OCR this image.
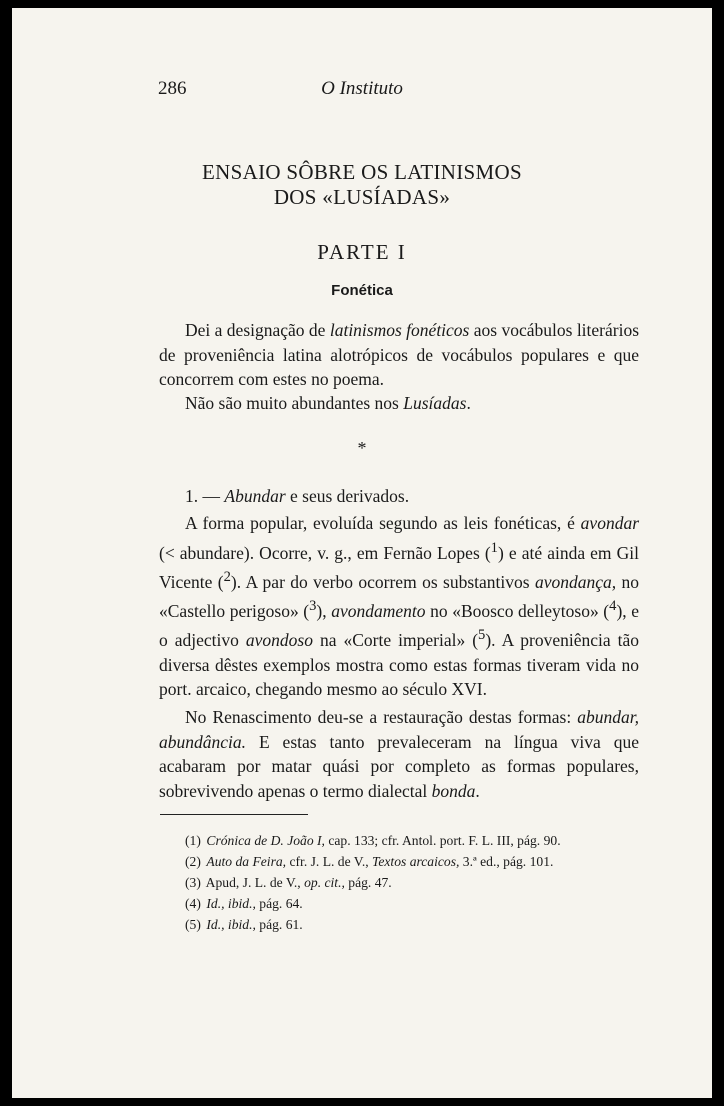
286	O Instituto
ENSAIO SÔBRE OS LATINISMOS
DOS «LUSÍADAS»
PARTE I
Fonética

Dei a designação de latinismos fonéticos aos vocábulos literários de proveniência latina alotrópicos de vocábulos populares e que concorrem com estes no poema.

Não são muito abundantes nos Lusíadas.

*
1. — Abundar e seus derivados.

A forma popular, evoluída segundo as leis fonéticas, é avondar (< abundare). Ocorre, v. g., em Fernão Lopes ($^1$) e até ainda em Gil Vicente ($^2$). A par do verbo ocorrem os substantivos avondança, no «Castello perigoso» ($^3$), avondamento no «Boosco delleytoso» ($^4$), e o adjectivo avondoso na «Corte imperial» ($^5$). A proveniência tão diversa dêstes exemplos mostra como estas formas tiveram vida no port. arcaico, chegando mesmo ao século XVI.

No Renascimento deu-se a restauração destas formas: abundar, abundância. E estas tanto prevaleceram na língua viva que acabaram por matar quási por completo as formas populares, sobrevivendo apenas o termo dialectal bonda.

(1) Crónica de D. João I, cap. 133; cfr. Antol. port. F. L. III, pág. 90.
(2) Auto da Feira, cfr. J. L. de V., Textos arcaicos, 3.ª ed., pág. 101.
(3) Apud, J. L. de V., op. cit., pág. 47.
(4) Id., ibid., pág. 64.
(5) Id., ibid., pág. 61.
